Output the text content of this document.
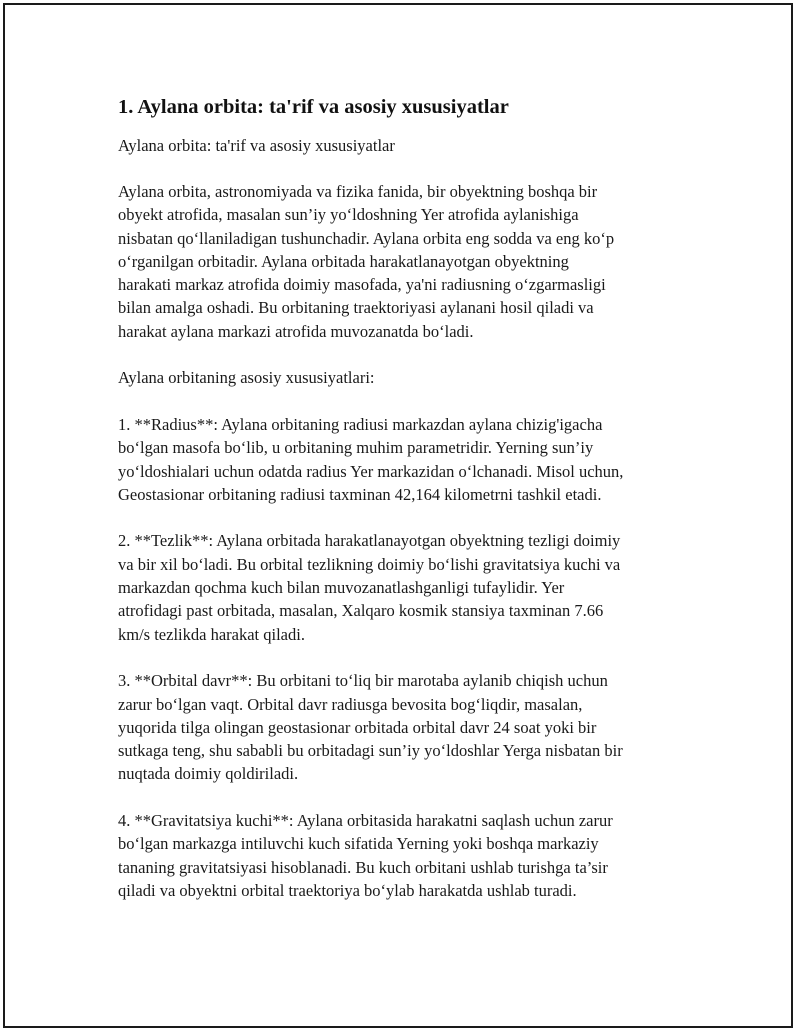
1. Aylana orbita: ta'rif va asosiy xususiyatlar

Aylana orbita: ta'rif va asosiy xususiyatlar

Aylana orbita, astronomiyada va fizika fanida, bir obyektning boshqa bir
obyekt atrofida, masalan sun’iy yo‘ldoshning Yer atrofida aylanishiga
nisbatan qo‘llaniladigan tushunchadir. Aylana orbita eng sodda va eng ko‘p
o‘rganilgan orbitadir. Aylana orbitada harakatlanayotgan obyektning
harakati markaz atrofida doimiy masofada, ya'ni radiusning o‘zgarmasligi
bilan amalga oshadi. Bu orbitaning traektoriyasi aylanani hosil qiladi va
harakat aylana markazi atrofida muvozanatda bo‘ladi.

Aylana orbitaning asosiy xususiyatlari:

1. **Radius**: Aylana orbitaning radiusi markazdan aylana chizig'igacha
bo‘lgan masofa bo‘lib, u orbitaning muhim parametridir. Yerning sun’iy
yo‘ldoshialari uchun odatda radius Yer markazidan o‘lchanadi. Misol uchun,
Geostasionar orbitaning radiusi taxminan 42,164 kilometrni tashkil etadi.

2. **Tezlik**: Aylana orbitada harakatlanayotgan obyektning tezligi doimiy
va bir xil bo‘ladi. Bu orbital tezlikning doimiy bo‘lishi gravitatsiya kuchi va
markazdan qochma kuch bilan muvozanatlashganligi tufaylidir. Yer
atrofidagi past orbitada, masalan, Xalqaro kosmik stansiya taxminan 7.66
km/s tezlikda harakat qiladi.

3. **Orbital davr**: Bu orbitani to‘liq bir marotaba aylanib chiqish uchun
zarur bo‘lgan vaqt. Orbital davr radiusga bevosita bog‘liqdir, masalan,
yuqorida tilga olingan geostasionar orbitada orbital davr 24 soat yoki bir
sutkaga teng, shu sababli bu orbitadagi sun’iy yo‘ldoshlar Yerga nisbatan bir
nuqtada doimiy qoldiriladi.

4. **Gravitatsiya kuchi**: Aylana orbitasida harakatni saqlash uchun zarur
bo‘lgan markazga intiluvchi kuch sifatida Yerning yoki boshqa markaziy
tananing gravitatsiyasi hisoblanadi. Bu kuch orbitani ushlab turishga ta’sir
qiladi va obyektni orbital traektoriya bo‘ylab harakatda ushlab turadi.
